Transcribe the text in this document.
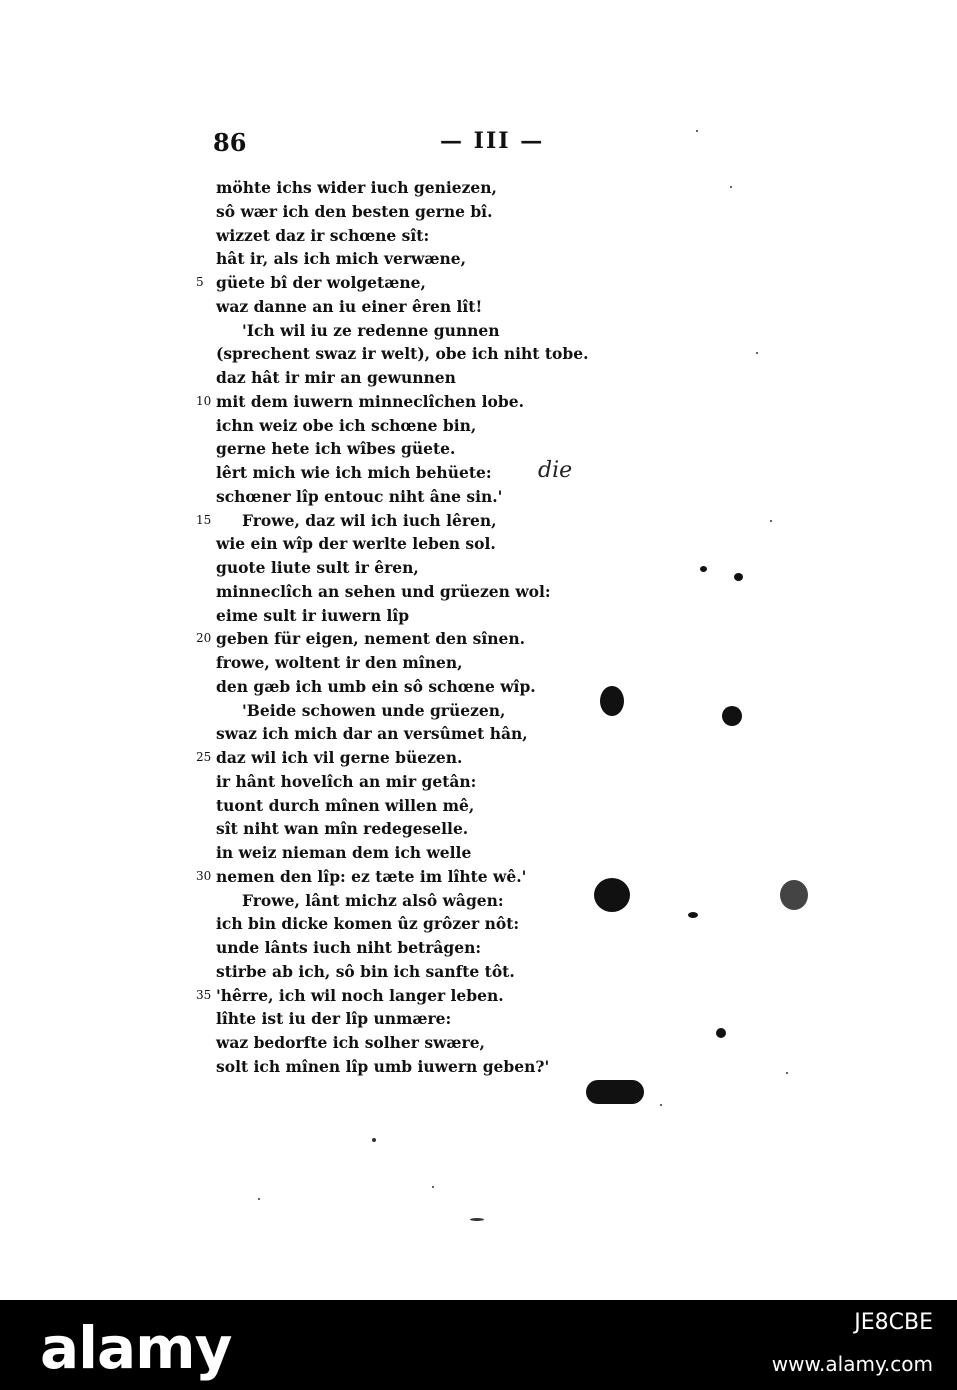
86	— III —
möhte ichs wider iuch geniezen,
sô wær ich den besten gerne bî.
wizzet daz ir schœne sît:
hât ir, als ich mich verwæne,
5 güete bî der wolgetæne,
waz danne an iu einer êren lît!
'Ich wil iu ze redenne gunnen
(sprechent swaz ir welt), obe ich niht tobe.
daz hât ir mir an gewunnen
10 mit dem iuwern minneclîchen lobe.
ichn weiz obe ich schœne bin,
gerne hete ich wîbes güete.
lêrt mich wie ich mich behüete:
schœner lîp entouc niht âne sin.'
15	Frowe, daz wil ich iuch lêren,
wie ein wîp der werlte leben sol.
guote liute sult ir êren,
minneclîch an sehen und grüezen wol:
eime sult ir iuwern lîp
20 geben für eigen, nement den sînen.
frowe, woltent ir den mînen,
den gæb ich umb ein sô schœne wîp.
'Beide schowen unde grüezen,
swaz ich mich dar an versûmet hân,
25 daz wil ich vil gerne büezen.
ir hânt hovelîch an mir getân:
tuont durch mînen willen mê,
sît niht wan mîn redegeselle.
in weiz nieman dem ich welle
30 nemen den lîp: ez tæte im lîhte wê.'
Frowe, lânt michz alsô wâgen:
ich bin dicke komen ûz grôzer nôt:
unde lânts iuch niht betrâgen:
stirbe ab ich, sô bin ich sanfte tôt.
35 'hêrre, ich wil noch langer leben.
lîhte ist iu der lîp unmære:
waz bedorfte ich solher swære,
solt ich mînen lîp umb iuwern geben?'
die
alamy	JE8CBE
www.alamy.com
